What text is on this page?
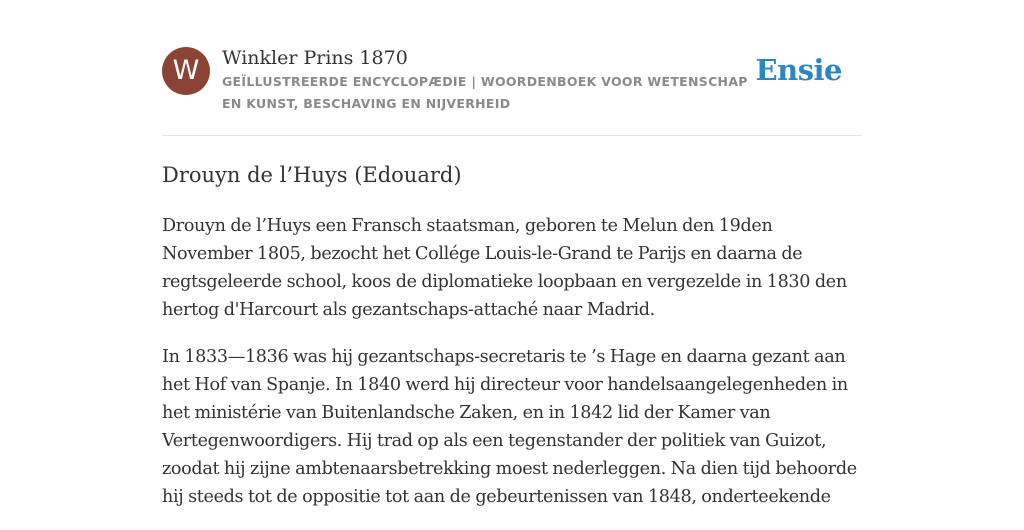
W	Winkler Prins 1870
GEÏLLUSTREERDE ENCYCLOPÆDIE | WOORDENBOEK VOOR WETENSCHAP EN KUNST, BESCHAVING EN NIJVERHEID
Ensie
Drouyn de l’Huys (Edouard)

Drouyn de l’Huys een Fransch staatsman, geboren te Melun den 19den November 1805, bezocht het Collége Louis-le-Grand te Parijs en daarna de regtsgeleerde school, koos de diplomatieke loopbaan en vergezelde in 1830 den hertog d'Harcourt als gezantschaps-attaché naar Madrid.

In 1833—1836 was hij gezantschaps-secretaris te ’s Hage en daarna gezant aan het Hof van Spanje. In 1840 werd hij directeur voor handelsaangelegenheden in het ministérie van Buitenlandsche Zaken, en in 1842 lid der Kamer van Vertegenwoordigers. Hij trad op als een tegenstander der politiek van Guizot, zoodat hij zijne ambtenaarsbetrekking moest nederleggen. Na dien tijd behoorde hij steeds tot de oppositie tot aan de gebeurtenissen van 1848, onderteekende
